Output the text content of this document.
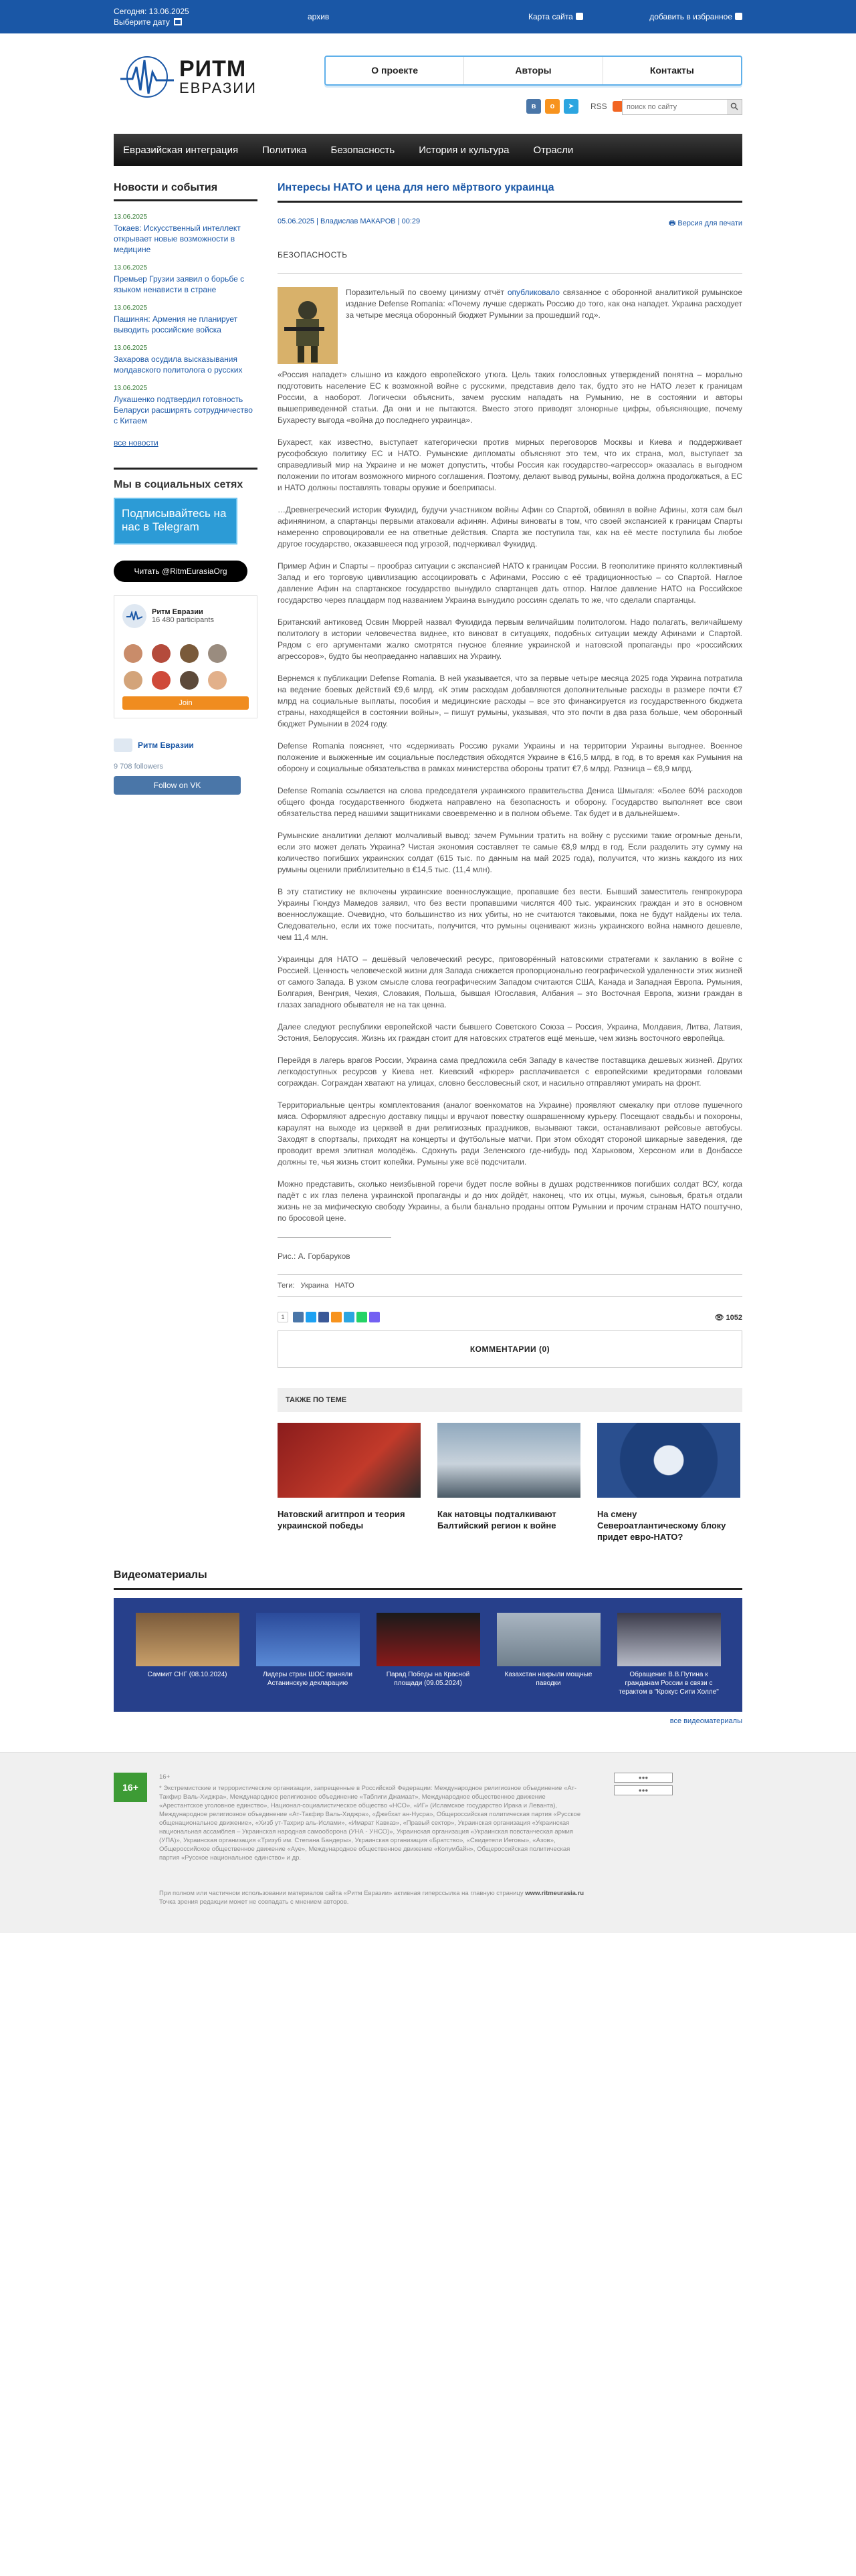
Сегодня: 13.06.2025
Выберите дату
архив	Карта сайта	добавить в избранное
РИТМ
ЕВРАЗИИ
О проекте	Авторы	Контакты
в	о	➤	RSS
поиск по сайту
Евразийская интеграция Политика Безопасность История и культура Отрасли
Новости и события
13.06.2025
Токаев: Искусственный интеллект открывает новые возможности в медицине
13.06.2025
Премьер Грузии заявил о борьбе с языком ненависти в стране
13.06.2025
Пашинян: Армения не планирует выводить российские войска
13.06.2025
Захарова осудила высказывания молдавского политолога о русских
13.06.2025
Лукашенко подтвердил готовность Беларуси расширять сотрудничество с Китаем
все новости
Мы в социальных сетях
Подписывайтесь на нас в Telegram
Читать @RitmEurasiaOrg
Ритм Евразии
16 480 participants
Join
Ритм Евразии
9 708 followers
Follow on VK
Интересы НАТО и цена для него мёртвого украинца
05.06.2025 | Владислав МАКАРОВ | 00:29	🖶 Версия для печати
БЕЗОПАСНОСТЬ

Поразительный по своему цинизму отчёт опубликовало связанное с оборонной аналитикой румынское издание Defense Romania: «Почему лучше сдержать Россию до того, как она нападет. Украина расходует за четыре месяца оборонный бюджет Румынии за прошедший год».

«Россия нападет» слышно из каждого европейского утюга. Цель таких голословных утверждений понятна – морально подготовить население ЕС к возможной войне с русскими, представив дело так, будто это не НАТО лезет к границам России, а наоборот. Логически объяснить, зачем русским нападать на Румынию, не в состоянии и авторы вышеприведенной статьи. Да они и не пытаются. Вместо этого приводят злонорные цифры, объясняющие, почему Бухаресту выгода «война до последнего украинца».

Бухарест, как известно, выступает категорически против мирных переговоров Москвы и Киева и поддерживает русофобскую политику ЕС и НАТО. Румынские дипломаты объясняют это тем, что их страна, мол, выступает за справедливый мир на Украине и не может допустить, чтобы Россия как государство-«агрессор» оказалась в выгодном положении по итогам возможного мирного соглашения. Поэтому, делают вывод румыны, война должна продолжаться, а ЕС и НАТО должны поставлять товары оружие и боеприпасы.

…Древнегреческий историк Фукидид, будучи участником войны Афин со Спартой, обвинял в войне Афины, хотя сам был афинянином, а спартанцы первыми атаковали афинян. Афины виноваты в том, что своей экспансией к границам Спарты намеренно спровоцировали ее на ответные действия. Спарта же поступила так, как на её месте поступила бы любое другое государство, оказавшееся под угрозой, подчеркивал Фукидид.

Пример Афин и Спарты – прообраз ситуации с экспансией НАТО к границам России. В геополитике принято коллективный Запад и его торговую цивилизацию ассоциировать с Афинами, Россию с её традиционностью – со Спартой. Наглое давление Афин на спартанское государство вынудило спартанцев дать отпор. Наглое давление НАТО на Российское государство через плацдарм под названием Украина вынудило россиян сделать то же, что сделали спартанцы.

Британский антиковед Освин Мюррей назвал Фукидида первым величайшим политологом. Надо полагать, величайшему политологу в истории человечества виднее, кто виноват в ситуациях, подобных ситуации между Афинами и Спартой. Рядом с его аргументами жалко смотрятся гнусное блеяние украинской и натовской пропаганды про «российских агрессоров», будто бы неопраеданно напавших на Украину.

Вернемся к публикации Defense Romania. В ней указывается, что за первые четыре месяца 2025 года Украина потратила на ведение боевых действий €9,6 млрд. «К этим расходам добавляются дополнительные расходы в размере почти €7 млрд на социальные выплаты, пособия и медицинские расходы – все это финансируется из государственного бюджета страны, находящейся в состоянии войны», – пишут румыны, указывая, что это почти в два раза больше, чем оборонный бюджет Румынии в 2024 году.

Defense Romania поясняет, что «сдерживать Россию руками Украины и на территории Украины выгоднее. Военное положение и выжженные им социальные последствия обходятся Украине в €16,5 млрд, в год, в то время как Румыния на оборону и социальные обязательства в рамках министерства обороны тратит €7,6 млрд. Разница – €8,9 млрд.

Defense Romania ссылается на слова председателя украинского правительства Дениса Шмыгаля: «Более 60% расходов общего фонда государственного бюджета направлено на безопасность и оборону. Государство выполняет все свои обязательства перед нашими защитниками своевременно и в полном объеме. Так будет и в дальнейшем».

Румынские аналитики делают молчаливый вывод: зачем Румынии тратить на войну с русскими такие огромные деньги, если это может делать Украина? Чистая экономия составляет те самые €8,9 млрд в год. Если разделить эту сумму на количество погибших украинских солдат (615 тыс. по данным на май 2025 года), получится, что жизнь каждого из них румыны оценили приблизительно в €14,5 тыс. (11,4 млн).

В эту статистику не включены украинские военнослужащие, пропавшие без вести. Бывший заместитель генпрокурора Украины Гюндуз Мамедов заявил, что без вести пропавшими числятся 400 тыс. украинских граждан и это в основном военнослужащие. Очевидно, что большинство из них убиты, но не считаются таковыми, пока не будут найдены их тела. Следовательно, если их тоже посчитать, получится, что румыны оценивают жизнь украинского война намного дешевле, чем 11,4 млн.

Украинцы для НАТО – дешёвый человеческий ресурс, приговорённый натовскими стратегами к закланию в войне с Россией. Ценность человеческой жизни для Запада снижается пропорционально географической удаленности этих жизней от самого Запада. В узком смысле слова географическим Западом считаются США, Канада и Западная Европа. Румыния, Болгария, Венгрия, Чехия, Словакия, Польша, бывшая Югославия, Албания – это Восточная Европа, жизни граждан в глазах западного обывателя не на так ценна.

Далее следуют республики европейской части бывшего Советского Союза – Россия, Украина, Молдавия, Литва, Латвия, Эстония, Белоруссия. Жизнь их граждан стоит для натовских стратегов ещё меньше, чем жизнь восточного европейца.

Перейдя в лагерь врагов России, Украина сама предложила себя Западу в качестве поставщика дешевых жизней. Других легкодоступных ресурсов у Киева нет. Киевский «фюрер» расплачивается с европейскими кредиторами головами сограждан. Сограждан хватают на улицах, словно бессловесный скот, и насильно отправляют умирать на фронт.

Территориальные центры комплектования (аналог военкоматов на Украине) проявляют смекалку при отлове пушечного мяса. Оформляют адресную доставку пиццы и вручают повестку ошарашенному курьеру. Посещают свадьбы и похороны, караулят на выходе из церквей в дни религиозных праздников, вызывают такси, останавливают рейсовые автобусы. Заходят в спортзалы, приходят на концерты и футбольные матчи. При этом обходят стороной шикарные заведения, где проводит время элитная молодёжь. Сдохнуть ради Зеленского где-нибудь под Харьковом, Херсоном или в Донбассе должны те, чья жизнь стоит копейки. Румыны уже всё подсчитали.

Можно представить, сколько неизбывной горечи будет после войны в душах родственников погибших солдат ВСУ, когда падёт с их глаз пелена украинской пропаганды и до них дойдёт, наконец, что их отцы, мужья, сыновья, братья отдали жизнь не за мифическую свободу Украины, а были банально проданы оптом Румынии и прочим странам НАТО поштучно, по бросовой цене.

Рис.: А. Горбаруков
Теги: Украина НАТО
1	👁 1052
КОММЕНТАРИИ (0)
ТАКЖЕ ПО ТЕМЕ
Натовский агитпроп и теория украинской победы
Как натовцы подталкивают Балтийский регион к войне
На смену Североатлантическому блоку придет евро-НАТО?
Видеоматериалы
Саммит СНГ (08.10.2024)	Лидеры стран ШОС приняли Астанинскую декларацию
Парад Победы на Красной площади (09.05.2024)
Казахстан накрыли мощные паводки
Обращение В.В.Путина к гражданам России в связи с терактом в "Крокус Сити Холле"
все видеоматериалы
16+
16+
* Экстремистские и террористические организации, запрещенные в Российской Федерации: Международное религиозное объединение «Ат-Такфир Валь-Хиджра», Международное религиозное объединение «Таблиги Джамаат», Международное общественное движение «Арестантское уголовное единство», Национал-социалистическое общество «НСО», «ИГ» (Исламское государство Ирака и Леванта), Международное религиозное объединение «Ат-Такфир Валь-Хиджра», «Джебхат ан-Нусра», Общероссийская политическая партия «Русское общенациональное движение», «Хизб ут-Тахрир аль-Ислами», «Имарат Кавказ», «Правый сектор», Украинская организация «Украинская национальная ассамблея – Украинская народная самооборона (УНА - УНСО)», Украинская организация «Украинская повстанческая армия (УПА)», Украинская организация «Тризуб им. Степана Бандеры», Украинская организация «Братство», «Свидетели Иеговы», «Азов», Общероссийское общественное движение «Ауе», Международное общественное движение «Колумбайн», Общероссийская политическая партия «Русское национальное единство» и др.
●●●
●●●
При полном или частичном использовании материалов сайта «Ритм Евразии» активная гиперссылка на главную страницу www.ritmeurasia.ru
Точка зрения редакции может не совпадать с мнением авторов.
